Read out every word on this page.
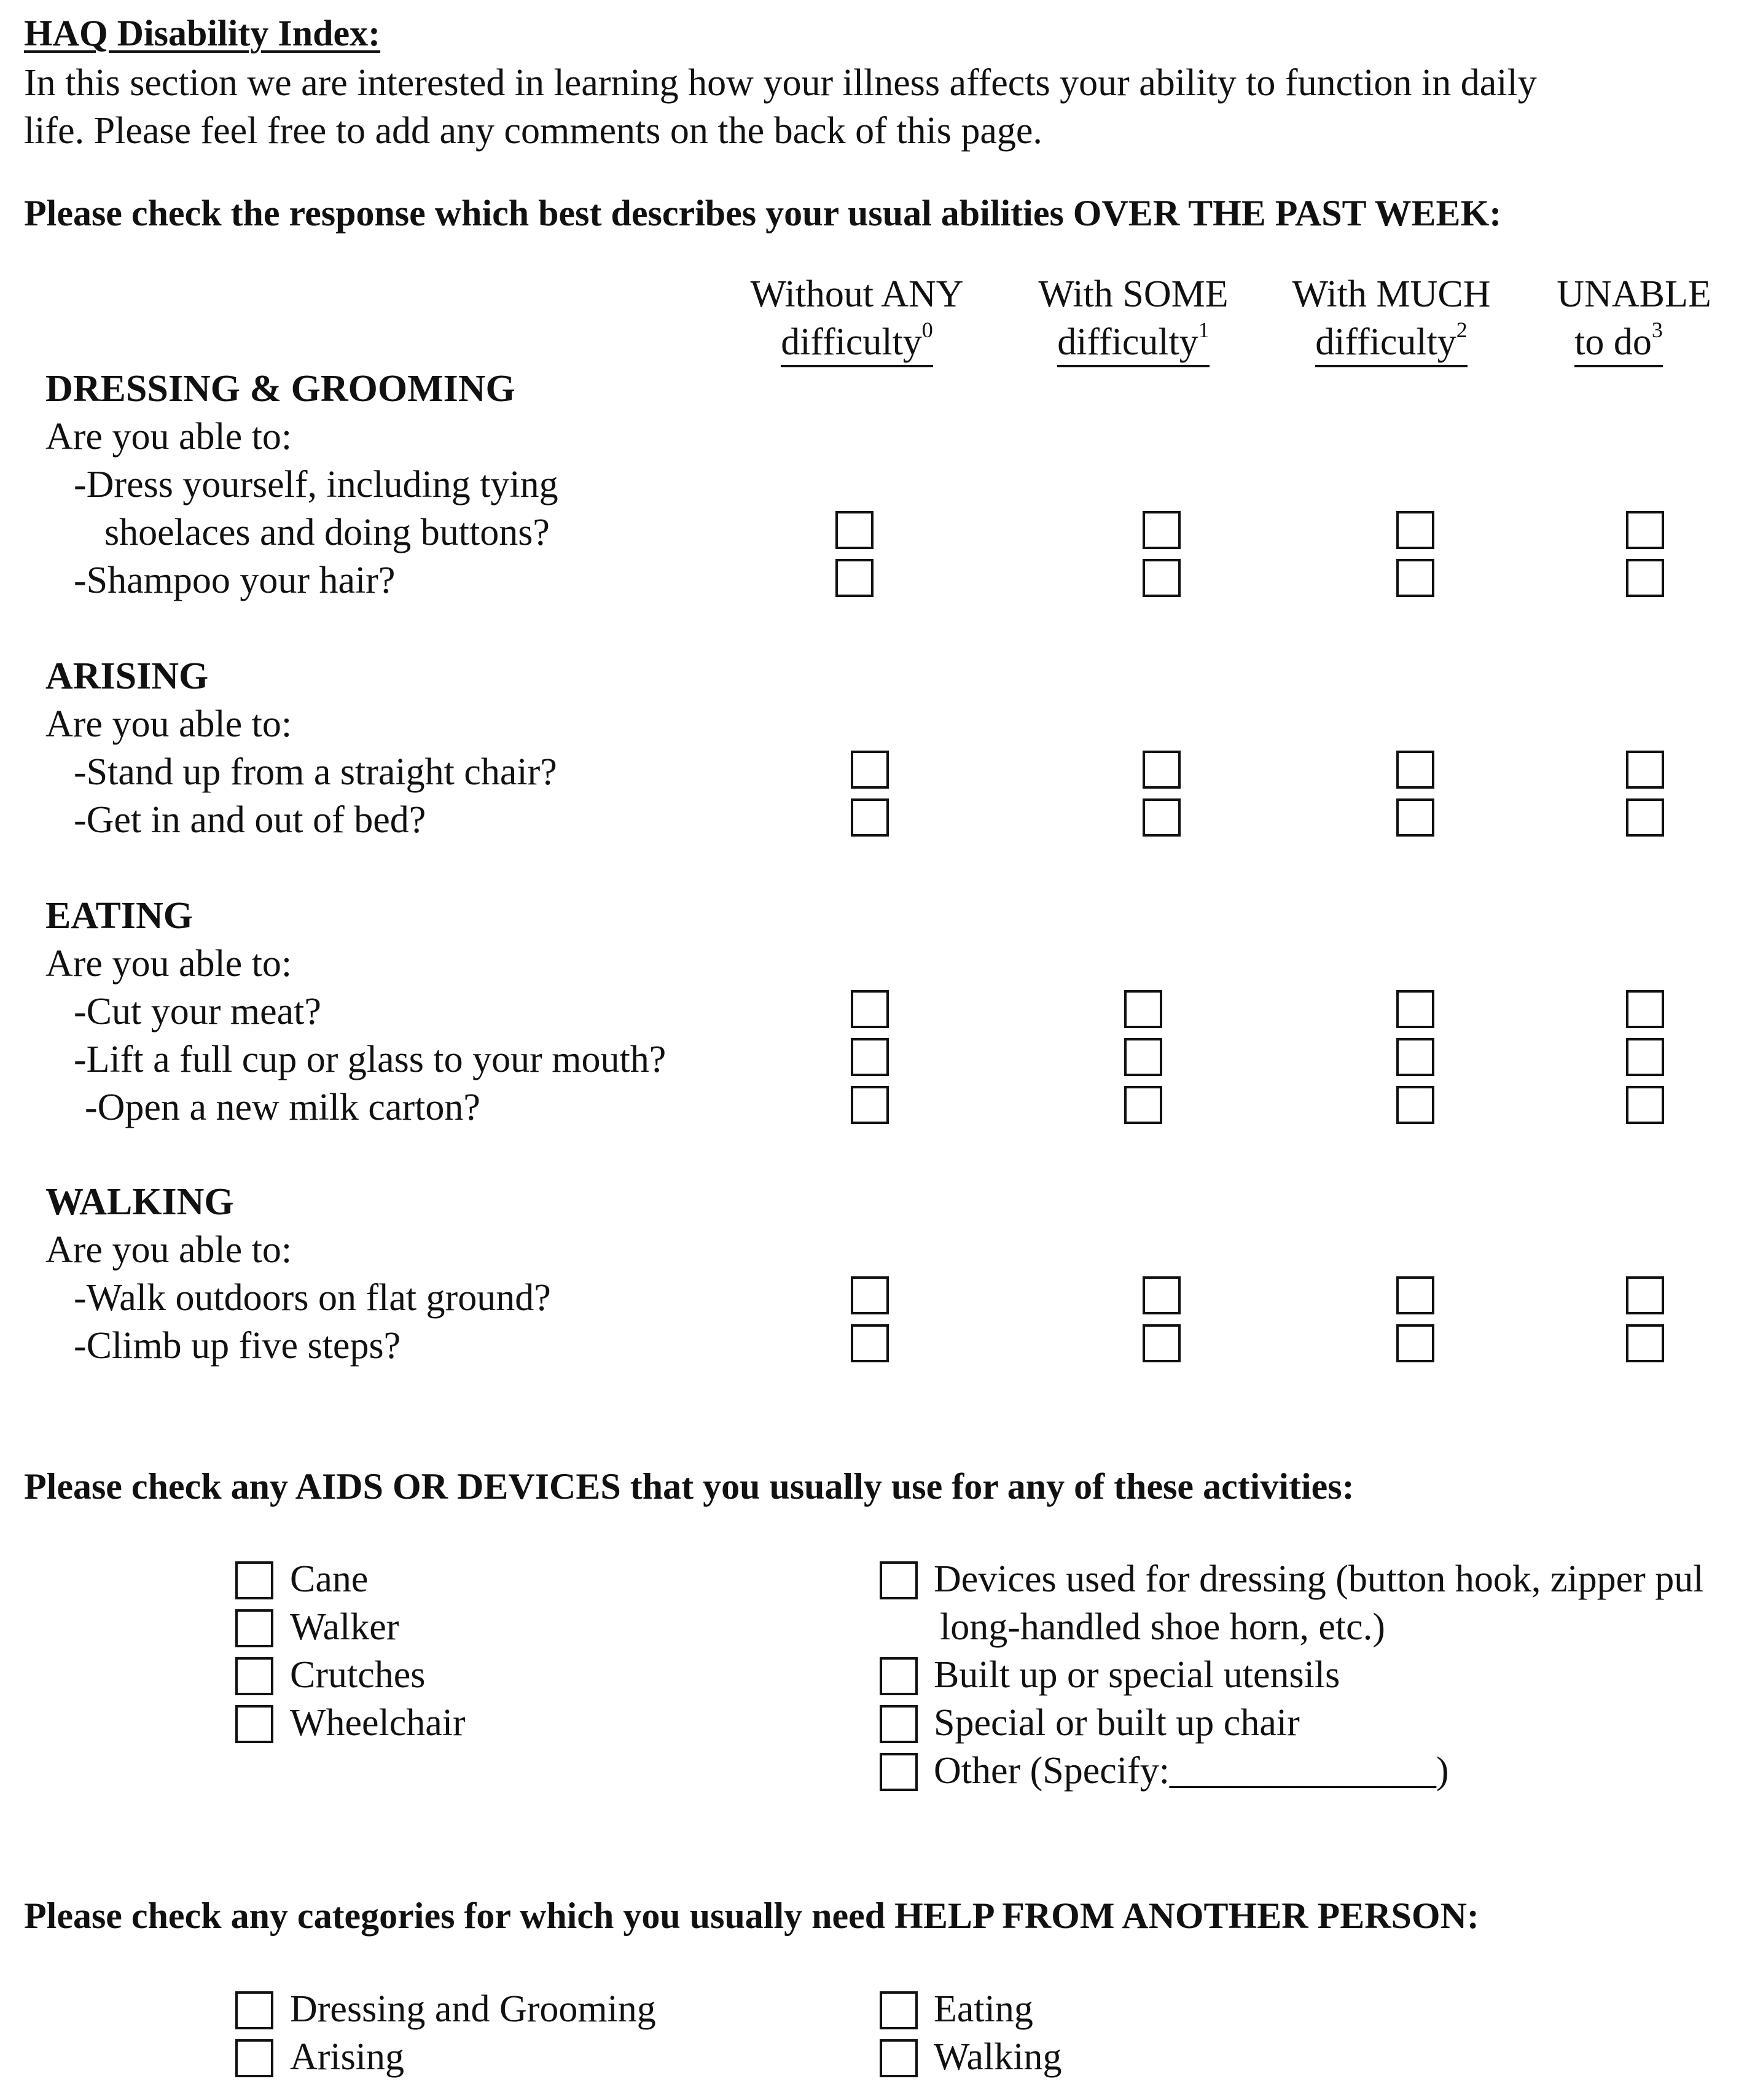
HAQ Disability Index:
In this section we are interested in learning how your illness affects your ability to function in daily
life. Please feel free to add any comments on the back of this page.
Please check the response which best describes your usual abilities OVER THE PAST WEEK:
Without ANY
difficulty$^0$
With SOME
difficulty$^1$
With MUCH
difficulty$^2$
UNABLE
to $do^3$
DRESSING & GROOMING
Are you able to:
-Dress yourself, including tying
shoelaces and doing buttons?
-Shampoo your hair?
ARISING
Are you able to:
-Stand up from a straight chair?
-Get in and out of bed?
EATING
Are you able to:
-Cut your meat?
-Lift a full cup or glass to your mouth?
-Open a new milk carton?
WALKING
Are you able to:
-Walk outdoors on flat ground?
-Climb up five steps?
Please check any AIDS OR DEVICES that you usually use for any of these activities:
Cane
Walker
Crutches
Wheelchair
Devices used for dressing (button hook, zipper pul
long-handled shoe horn, etc.)
Built up or special utensils
Special or built up chair
Other (Specify:______________)
Please check any categories for which you usually need HELP FROM ANOTHER PERSON:
Dressing and Grooming
Arising
Eating
Walking
